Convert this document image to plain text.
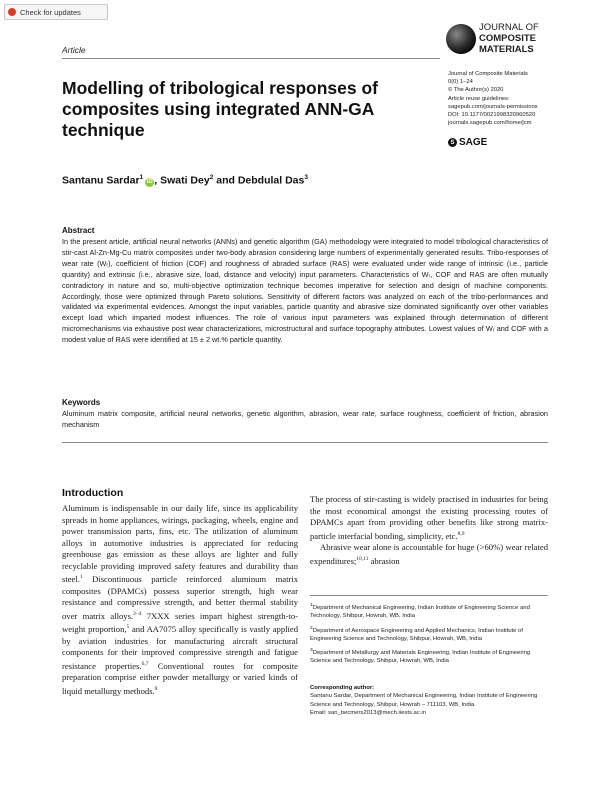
Check for updates
Article
JOURNAL OF
COMPOSITE
MATERIALS
Journal of Composite Materials
0(0) 1–24
© The Author(s) 2020
Article reuse guidelines:
sagepub.com/journals-permissions
DOI: 10.1177/0021998320960520
journals.sagepub.com/home/jcm
S SAGE
Modelling of tribological responses of composites using integrated ANN-GA technique
Santanu Sardar$^1$iD , Swati Dey$^2$ and Debdulal Das$^3$
Abstract
In the present article, artificial neural networks (ANNs) and genetic algorithm (GA) methodology were integrated to model tribological characteristics of stir-cast Al-Zn-Mg-Cu matrix composites under two-body abrasion considering large numbers of experimentally generated results. Tribo-responses of wear rate (Wᵣ), coefficient of friction (COF) and roughness of abraded surface (RAS) were evaluated under wide range of intrinsic (i.e., particle quantity) and extrinsic (i.e., abrasive size, load, distance and velocity) input parameters. Characteristics of Wᵣ, COF and RAS are often mutually contradictory in nature and so, multi-objective optimization technique becomes imperative for selection and design of machine components. Accordingly, those were optimized through Pareto solutions. Sensitivity of different factors was analyzed on each of the tribo-performances and validated via experimental evidences. Amongst the input variables, particle quantity and abrasive size dominated significantly over other variables except load which imparted modest influences. The role of various input parameters was explained through determination of different micromechanisms via exhaustive post wear characterizations, microstructural and surface topography attributes. Lowest values of Wᵣ and COF with a modest value of RAS were identified at 15 ± 2 wt.% particle quantity.
Keywords
Aluminum matrix composite, artificial neural networks, genetic algorithm, abrasion, wear rate, surface roughness, coefficient of friction, abrasion mechanism
Introduction

Aluminum is indispensable in our daily life, since its applicability spreads in home appliances, wirings, packaging, wheels, engine and power transmission parts, fins, etc. The utilization of aluminum alloys in automotive industries is appreciated for reducing greenhouse gas emission as these alloys are lighter and fully recyclable providing improved safety features and durability than steel.$^1$ Discontinuous particle reinforced aluminum matrix composites (DPAMCs) possess superior strength, high wear resistance and compressive strength, and better thermal stability over matrix alloys.$^{2-4}$ 7XXX series impart highest strength-to-weight proportion,$^5$ and AA7075 alloy specifically is vastly applied by aviation industries for manufacturing aircraft structural components for their improved compressive strength and fatigue resistance properties.$^{6,7}$ Conventional routes for composite preparation comprise either powder metallurgy or varied kinds of liquid metallurgy methods.$^8$

The process of stir-casting is widely practised in industries for being the most economical amongst the existing processing routes of DPAMCs apart from providing other benefits like strong matrix-particle interfacial bonding, simplicity, etc.$^{8,9}$

Abrasive wear alone is accountable for huge (>60%) wear related expenditures;$^{10,11}$ abrasion

$^1$Department of Mechanical Engineering, Indian Institute of Engineering Science and Technology, Shibpur, Howrah, WB, India

$^2$Department of Aerospace Engineering and Applied Mechanics, Indian Institute of Engineering Science and Technology, Shibpur, Howrah, WB, India

$^3$Department of Metallurgy and Materials Engineering, Indian Institute of Engineering Science and Technology, Shibpur, Howrah, WB, India

Corresponding author:
Santanu Sardar, Department of Mechanical Engineering, Indian Institute of Engineering Science and Technology, Shibpur, Howrah – 711103, WB, India.
Email: san_becmers2013@mech.iiests.ac.in
